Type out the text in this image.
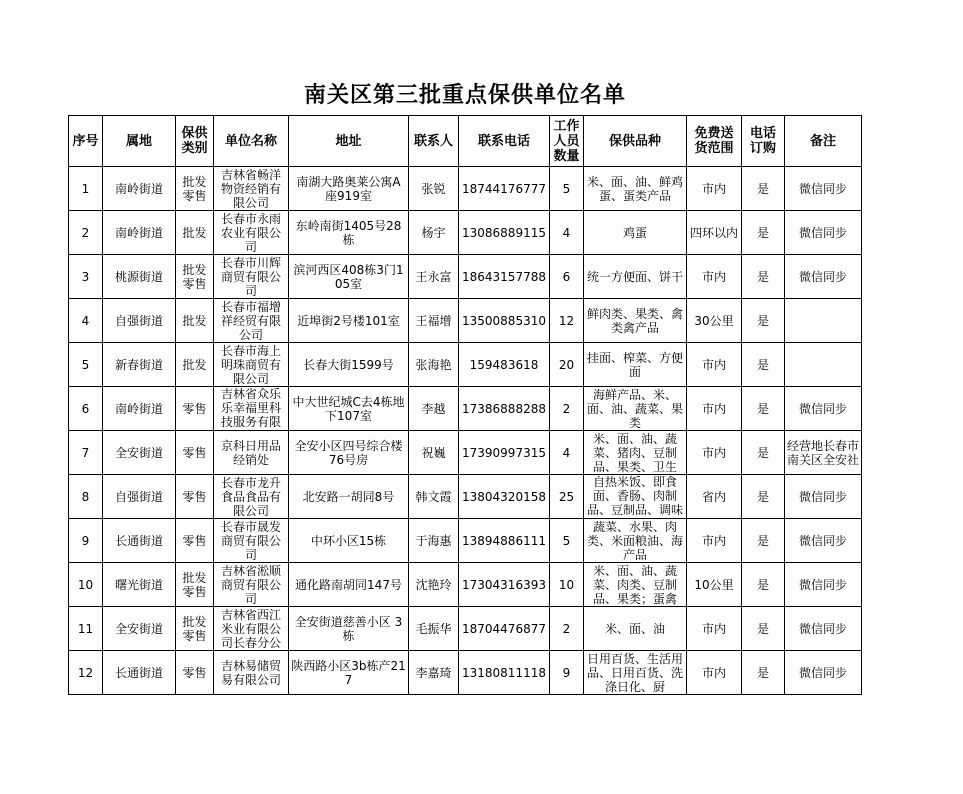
南关区第三批重点保供单位名单
序号	属地	保供类别	单位名称	地址	联系人	联系电话	工作人员数量	保供品种	免费送货范围	电话订购	备注

1	南岭街道	批发零售	吉林省畅洋物资经销有限公司	南湖大路奥莱公寓A座919室	张锐	18744176777	5	米、面、油、鲜鸡蛋、蛋类产品	市内	是	微信同步

2	南岭街道	批发	长春市永雨农业有限公司	东岭南街1405号28栋	杨宇	13086889115	4	鸡蛋	四环以内	是	微信同步

3	桃源街道	批发零售	长春市川辉商贸有限公司	滨河西区408栋3门105室	王永富	18643157788	6	统一方便面、饼干	市内	是	微信同步

4	自强街道	批发	长春市福增祥经贸有限公司	近埠街2号楼101室	王福增	13500885310	12	鲜肉类、果类、禽类禽产品	30公里	是	

5	新春街道	批发	长春市海上明珠商贸有限公司	长春大街1599号	张海艳	159483618	20	挂面、榨菜、方便面	市内	是	

6	南岭街道	零售	吉林省众乐乐幸福里科技服务有限	中大世纪城C去4栋地下107室	李越	17386888288	2	海鲜产品、米、面、油、蔬菜、果类	市内	是	微信同步

7	全安街道	零售	京科日用品经销处	全安小区四号综合楼76号房	祝巍	17390997315	4	米、面、油、蔬菜、猪肉、豆制品、果类、卫生	市内	是	经营地长春市南关区全安社

8	自强街道	零售	长春市龙升食品食品有限公司	北安路一胡同8号	韩文霞	13804320158	25	自热米饭、即食面、香肠、肉制品、豆制品、调味	省内	是	微信同步

9	长通街道	零售	长春市晟发商贸有限公司	中环小区15栋	于海惠	13894886111	5	蔬菜、水果、肉类、米面粮油、海产品	市内	是	微信同步

10	曙光街道	批发零售	吉林省淞顺商贸有限公司	通化路南胡同147号	沈艳玲	17304316393	10	米、面、油、蔬菜、肉类、豆制品、果类；蛋禽	10公里	是	微信同步

11	全安街道	批发零售	吉林省西江米业有限公司长春分公	全安街道慈善小区 3栋	毛振华	18704476877	2	米、面、油	市内	是	微信同步

12	长通街道	零售	吉林易储贸易有限公司	陕西路小区3b栋产217	李嘉琦	13180811118	9	日用百货、生活用品、日用百货、洗涤日化、厨	市内	是	微信同步
